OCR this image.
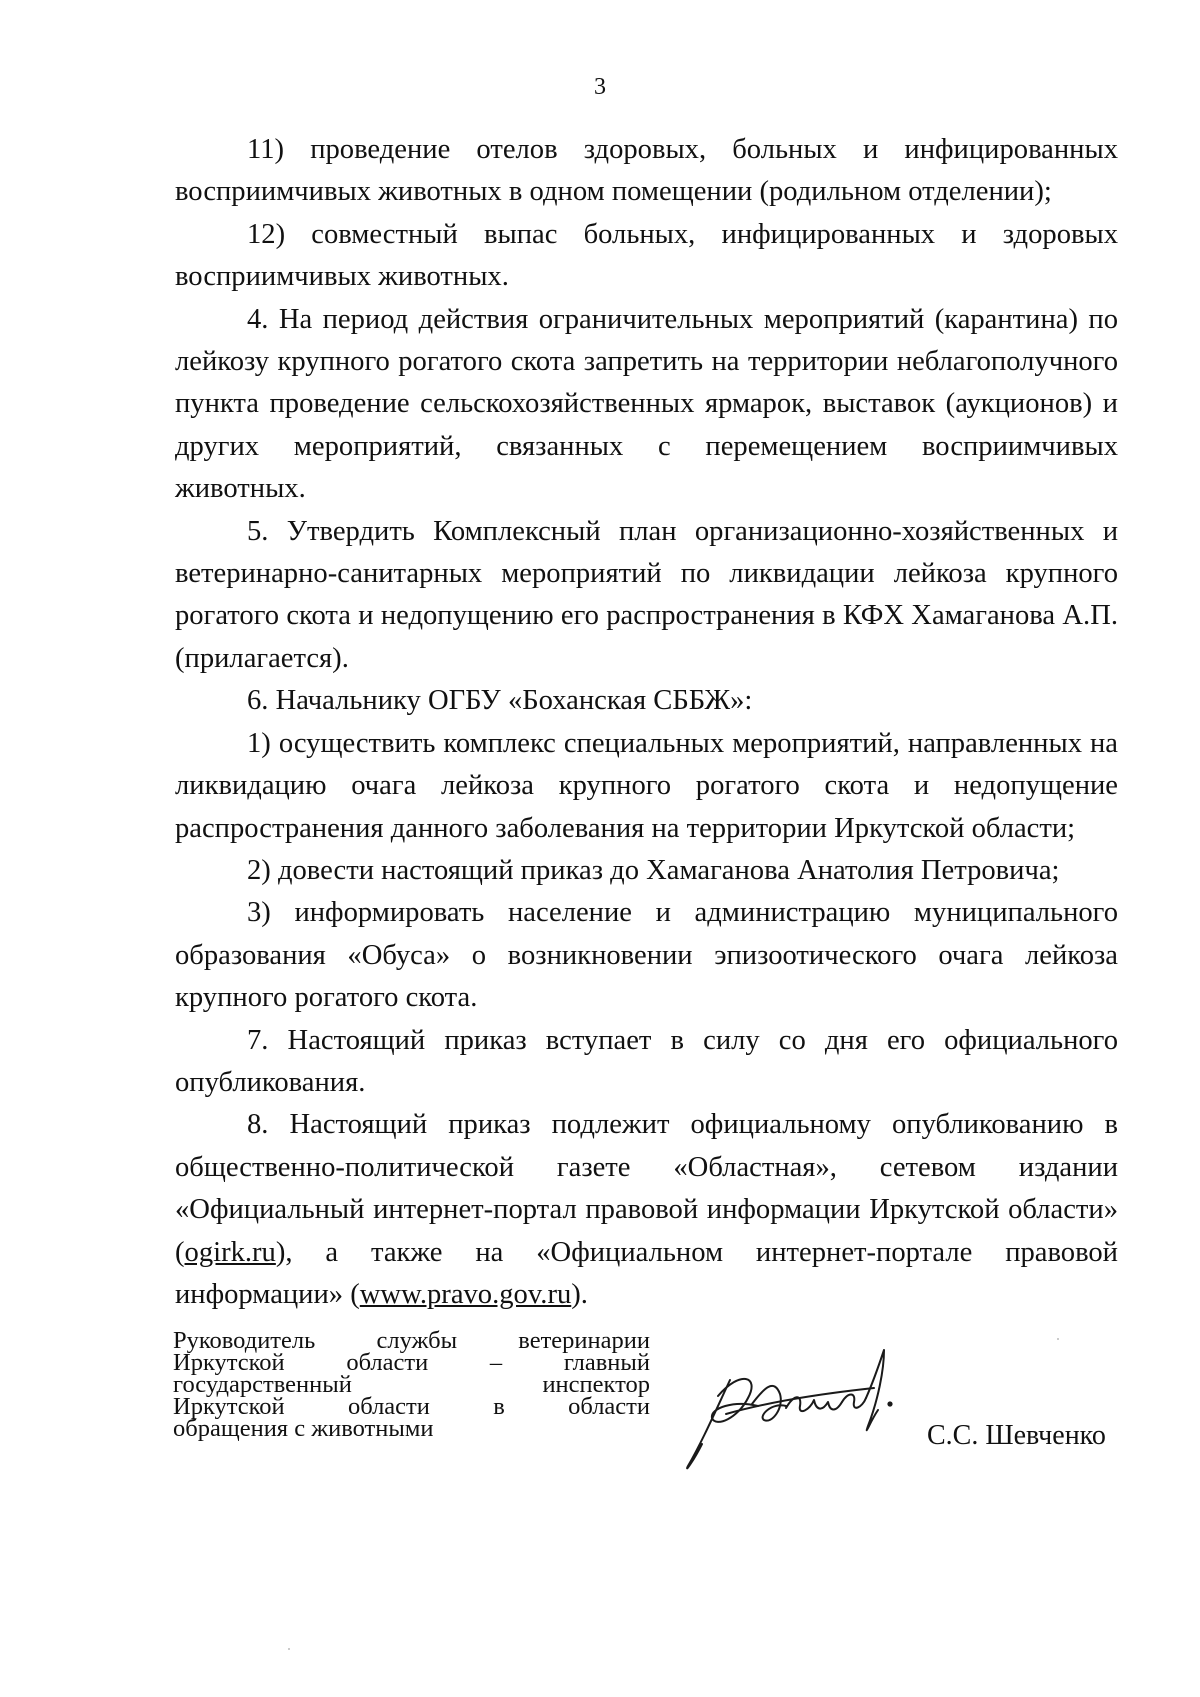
3

11) проведение отелов здоровых, больных и инфицированных восприимчивых животных в одном помещении (родильном отделении);

12) совместный выпас больных, инфицированных и здоровых восприимчивых животных.

4. На период действия ограничительных мероприятий (карантина) по лейкозу крупного рогатого скота запретить на территории неблагополучного пункта проведение сельскохозяйственных ярмарок, выставок (аукционов) и других мероприятий, связанных с перемещением восприимчивых животных.

5. Утвердить Комплексный план организационно-хозяйственных и ветеринарно-санитарных мероприятий по ликвидации лейкоза крупного рогатого скота и недопущению его распространения в КФХ Хамаганова А.П. (прилагается).

6. Начальнику ОГБУ «Боханская СББЖ»:

1) осуществить комплекс специальных мероприятий, направленных на ликвидацию очага лейкоза крупного рогатого скота и недопущение распространения данного заболевания на территории Иркутской области;

2) довести настоящий приказ до Хамаганова Анатолия Петровича;

3) информировать население и администрацию муниципального образования «Обуса» о возникновении эпизоотического очага лейкоза крупного рогатого скота.

7. Настоящий приказ вступает в силу со дня его официального опубликования.

8. Настоящий приказ подлежит официальному опубликованию в общественно-политической газете «Областная», сетевом издании «Официальный интернет-портал правовой информации Иркутской области» (ogirk.ru), а также на «Официальном интернет-портале правовой информации» (www.pravo.gov.ru).

Руководитель службы ветеринарии
Иркутской области – главный
государственный инспектор
Иркутской области в области
обращения с животными	С.С. Шевченко
